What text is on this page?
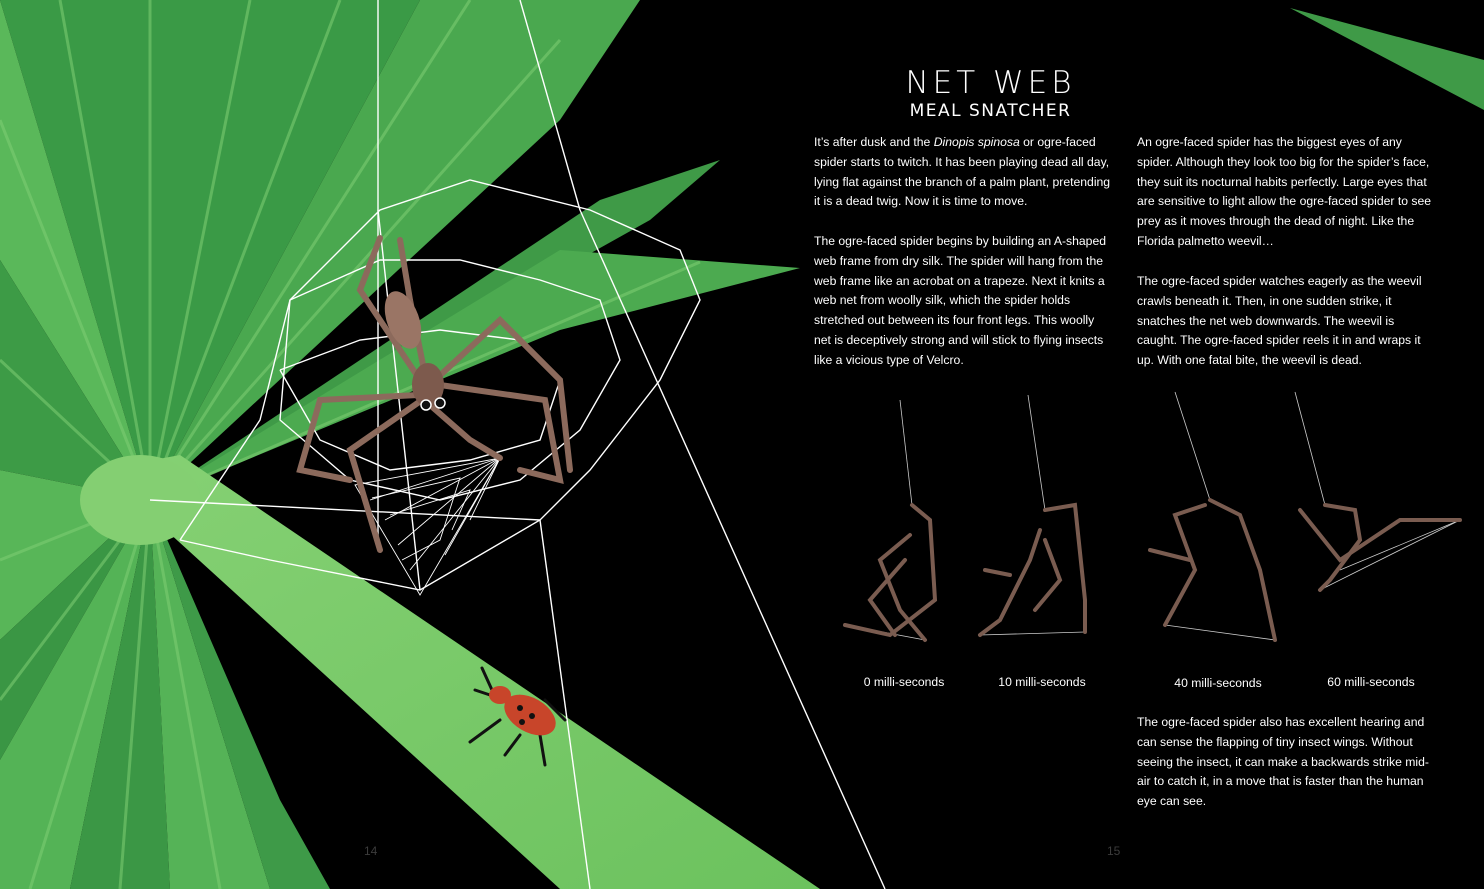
NET WEB
MEAL SNATCHER

It’s after dusk and the Dinopis spinosa or ogre-faced spider starts to twitch. It has been playing dead all day, lying flat against the branch of a palm plant, pretending it is a dead twig. Now it is time to move.

The ogre-faced spider begins by building an A-shaped web frame from dry silk. The spider will hang from the web frame like an acrobat on a trapeze. Next it knits a web net from woolly silk, which the spider holds stretched out between its four front legs. This woolly net is deceptively strong and will stick to flying insects like a vicious type of Velcro.

An ogre-faced spider has the biggest eyes of any spider. Although they look too big for the spider’s face, they suit its nocturnal habits perfectly. Large eyes that are sensitive to light allow the ogre-faced spider to see prey as it moves through the dead of night. Like the Florida palmetto weevil…

The ogre-faced spider watches eagerly as the weevil crawls beneath it. Then, in one sudden strike, it snatches the net web downwards. The weevil is caught. The ogre-faced spider reels it in and wraps it up. With one fatal bite, the weevil is dead.

The ogre-faced spider also has excellent hearing and can sense the flapping of tiny insect wings. Without seeing the insect, it can make a backwards strike mid-air to catch it, in a move that is faster than the human eye can see.

0 milli-seconds	10 milli-seconds	40 milli-seconds	60 milli-seconds
14	15
